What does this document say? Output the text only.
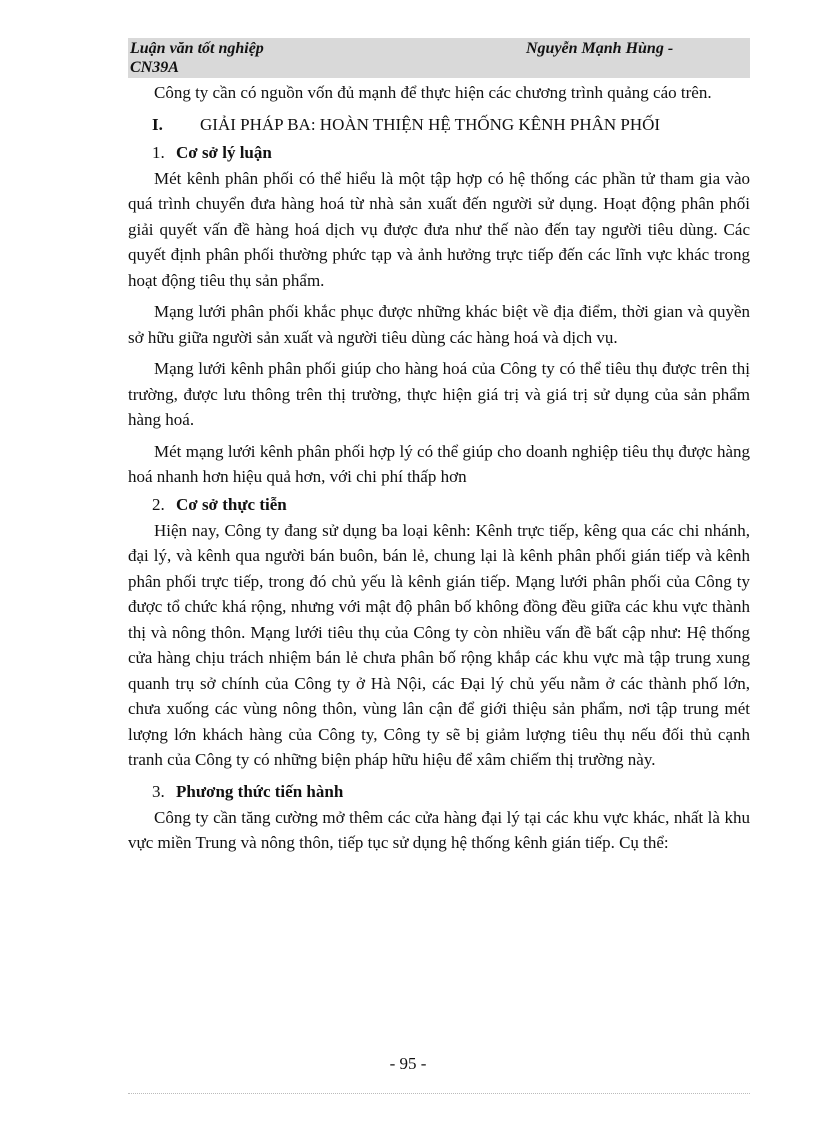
Luận văn tốt nghiệp	Nguyễn Mạnh Hùng -
CN39A

Công ty cần có nguồn vốn đủ mạnh để thực hiện các chương trình quảng cáo trên.

I. GIẢI PHÁP BA: HOÀN THIỆN HỆ THỐNG KÊNH PHÂN PHỐI
1. Cơ sở lý luận

Mét kênh phân phối có thể hiểu là một tập hợp có hệ thống các phần tử tham gia vào quá trình chuyển đưa hàng hoá từ nhà sản xuất đến người sử dụng. Hoạt động phân phối giải quyết vấn đề hàng hoá dịch vụ được đưa như thế nào đến tay người tiêu dùng. Các quyết định phân phối thường phức tạp và ảnh hưởng trực tiếp đến các lĩnh vực khác trong hoạt động tiêu thụ sản phẩm.

Mạng lưới phân phối khắc phục được những khác biệt về địa điểm, thời gian và quyền sở hữu giữa người sản xuất và người tiêu dùng các hàng hoá và dịch vụ.

Mạng lưới kênh phân phối giúp cho hàng hoá của Công ty có thể tiêu thụ được trên thị trường, được lưu thông trên thị trường, thực hiện giá trị và giá trị sử dụng của sản phẩm hàng hoá.

Mét mạng lưới kênh phân phối hợp lý có thể giúp cho doanh nghiệp tiêu thụ được hàng hoá nhanh hơn hiệu quả hơn, với chi phí thấp hơn

2. Cơ sở thực tiễn

Hiện nay, Công ty đang sử dụng ba loại kênh: Kênh trực tiếp, kêng qua các chi nhánh, đại lý, và kênh qua người bán buôn, bán lẻ, chung lại là kênh phân phối gián tiếp và kênh phân phối trực tiếp, trong đó chủ yếu là kênh gián tiếp. Mạng lưới phân phối của Công ty được tổ chức khá rộng, nhưng với mật độ phân bố không đồng đều giữa các khu vực thành thị và nông thôn. Mạng lưới tiêu thụ của Công ty còn nhiều vấn đề bất cập như: Hệ thống cửa hàng chịu trách nhiệm bán lẻ chưa phân bố rộng khắp các khu vực mà tập trung xung quanh trụ sở chính của Công ty ở Hà Nội, các Đại lý chủ yếu nằm ở các thành phố lớn, chưa xuống các vùng nông thôn, vùng lân cận để giới thiệu sản phẩm, nơi tập trung mét lượng lớn khách hàng của Công ty, Công ty sẽ bị giảm lượng tiêu thụ nếu đối thủ cạnh tranh của Công ty có những biện pháp hữu hiệu để xâm chiếm thị trường này.

3. Phương thức tiến hành

Công ty cần tăng cường mở thêm các cửa hàng đại lý tại các khu vực khác, nhất là khu vực miền Trung và nông thôn, tiếp tục sử dụng hệ thống kênh gián tiếp. Cụ thể:

- 95 -
